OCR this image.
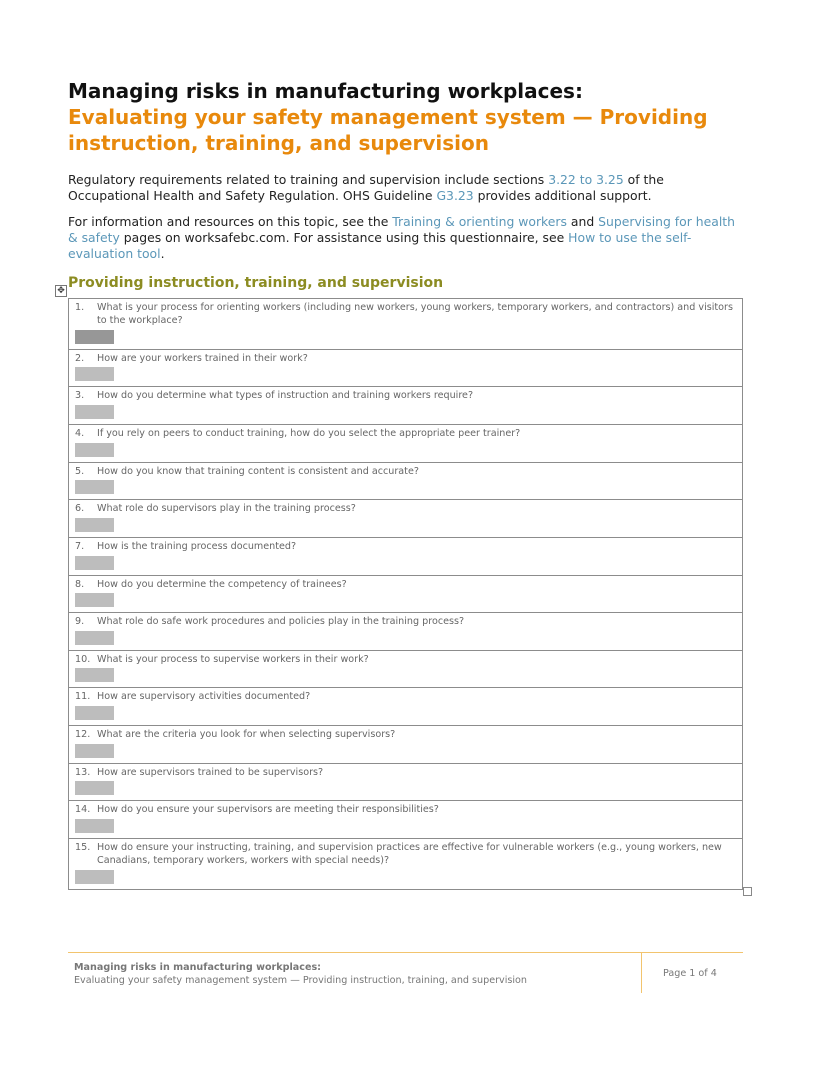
Managing risks in manufacturing workplaces:

Evaluating your safety management system — Providing instruction, training, and supervision

Regulatory requirements related to training and supervision include sections 3.22 to 3.25 of the Occupational Health and Safety Regulation. OHS Guideline G3.23 provides additional support.

For information and resources on this topic, see the Training & orienting workers and Supervising for health & safety pages on worksafebc.com. For assistance using this questionnaire, see How to use the self-evaluation tool.

Providing instruction, training, and supervision

✥
1.	What is your process for orienting workers (including new workers, young workers, temporary workers, and contractors) and visitors to the workplace?
2.	How are your workers trained in their work?
3.	How do you determine what types of instruction and training workers require?
4.	If you rely on peers to conduct training, how do you select the appropriate peer trainer?
5.	How do you know that training content is consistent and accurate?
6.	What role do supervisors play in the training process?
7.	How is the training process documented?
8.	How do you determine the competency of trainees?
9.	What role do safe work procedures and policies play in the training process?
10. What is your process to supervise workers in their work?
11. How are supervisory activities documented?
12. What are the criteria you look for when selecting supervisors?
13. How are supervisors trained to be supervisors?
14. How do you ensure your supervisors are meeting their responsibilities?
15. How do ensure your instructing, training, and supervision practices are effective for vulnerable workers (e.g., young workers, new Canadians, temporary workers, workers with special needs)?
Managing risks in manufacturing workplaces:
Evaluating your safety management system — Providing instruction, training, and supervision
Page 1 of 4
